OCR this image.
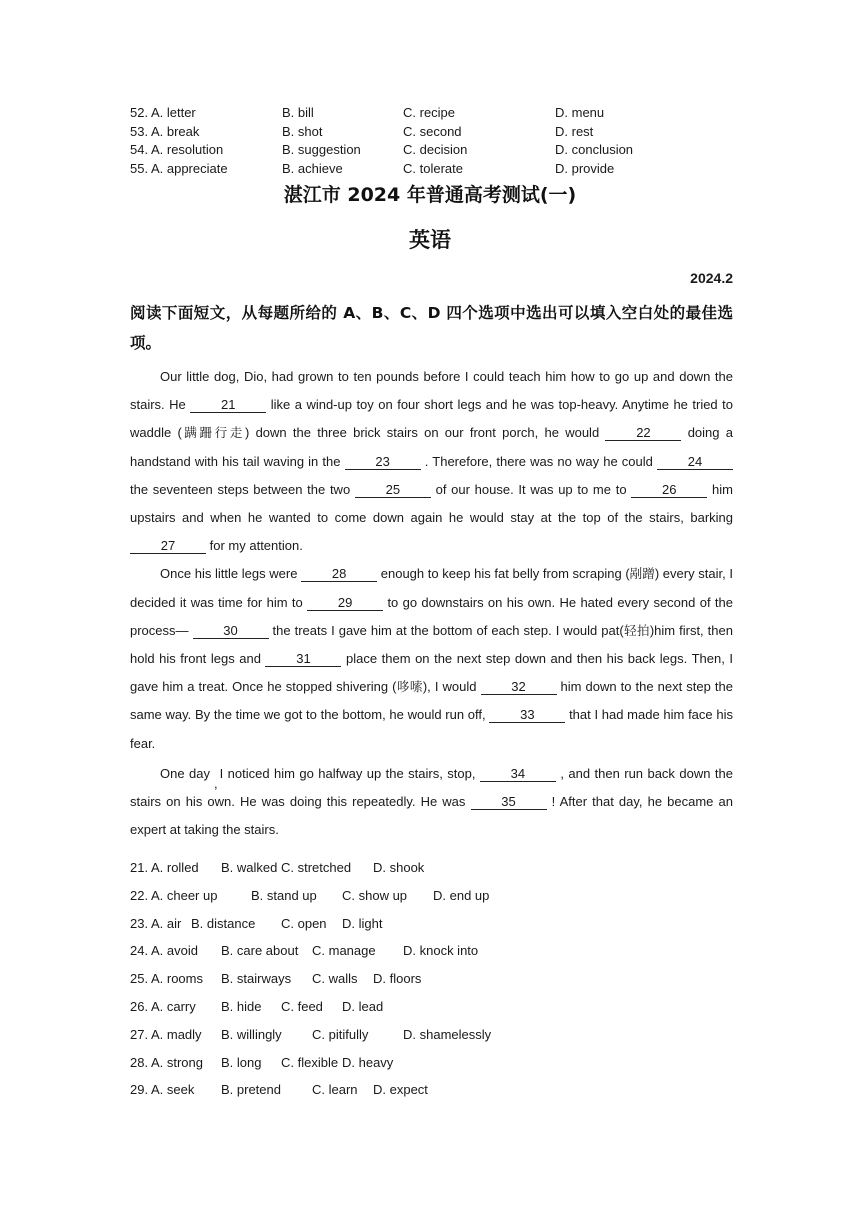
52. A. letter	B. bill	C. recipe	D. menu
53. A. break	B. shot	C. second	D. rest
54. A. resolution	B. suggestion	C. decision	D. conclusion
55. A. appreciate	B. achieve	C. tolerate	D. provide
湛江市 2024 年普通高考测试(一)
英语
2024.2
阅读下面短文，从每题所给的 A、B、C、D 四个选项中选出可以填入空白处的最佳选项。

Our little dog, Dio, had grown to ten pounds before I could teach him how to go up and down the stairs. He	21	like a wind-up toy on four short legs and he was top-heavy. Anytime he tried to waddle (蹒跚行走) down the three brick stairs on our front porch, he would	22	doing a handstand with his tail waving in the	23	. Therefore, there was no way he could	24 the seventeen steps between the two	25	of our house. It was up to me to	26	him upstairs and when he wanted to come down again he would stay at the top of the stairs, barking 27	for my attention.

Once his little legs were	28	enough to keep his fat belly from scraping (剐蹭) every stair, I decided it was time for him to	29	to go downstairs on his own. He hated every second of the process—	30	the treats I gave him at the bottom of each step. I would pat(轻拍)him first, then hold his front legs and	31	place them on the next step down and then his back legs. Then, I gave him a treat. Once he stopped shivering (哆嗦), I would	32	him down to the next step the same way. By the time we got to the bottom, he would run off,	33	that I had made him face his fear.

One day,I noticed him go halfway up the stairs, stop,	34	, and then run back down the stairs on his own. He was doing this repeatedly. He was	35	! After that day, he became an expert at taking the stairs.

21. A. rolled B. walked C. stretched D. shook
22. A. cheer up	B. stand up C. show up D. end up
23. A. air B. distance C. open D. light
24. A. avoid B. care about C. manage D. knock into
25. A. rooms B. stairways C. walls D. floors
26. A. carry B. hide C. feed D. lead
27. A. madly B. willingly C. pitifully	D. shamelessly
28. A. strong B. long C. flexible D. heavy
29. A. seek B. pretend C. learn D. expect
